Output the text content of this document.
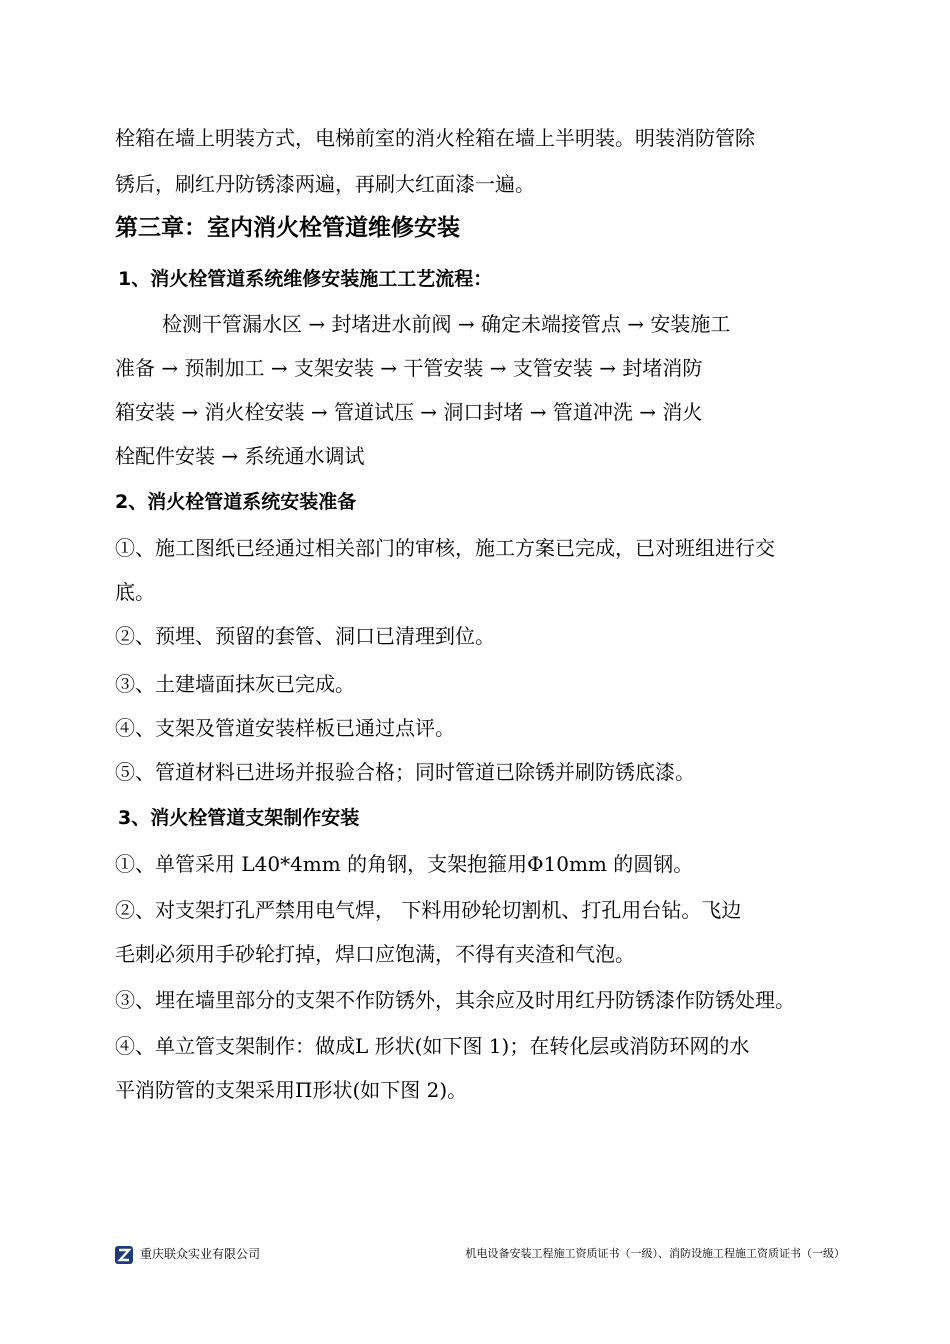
栓箱在墙上明装方式，电梯前室的消火栓箱在墙上半明装。明装消防管除
锈后，刷红丹防锈漆两遍，再刷大红面漆一遍。
第三章：室内消火栓管道维修安装
1、消火栓管道系统维修安装施工工艺流程：
检测干管漏水区 → 封堵进水前阀 → 确定未端接管点 → 安装施工
准备 → 预制加工 → 支架安装 → 干管安装 → 支管安装 → 封堵消防
箱安装 → 消火栓安装 → 管道试压 → 洞口封堵 → 管道冲洗 → 消火
栓配件安装 → 系统通水调试
2、消火栓管道系统安装准备
①、施工图纸已经通过相关部门的审核，施工方案已完成，已对班组进行交
底。
②、预埋、预留的套管、洞口已清理到位。
③、土建墙面抹灰已完成。
④、支架及管道安装样板已通过点评。
⑤、管道材料已进场并报验合格；同时管道已除锈并刷防锈底漆。
3、消火栓管道支架制作安装
①、单管采用 L40*4mm 的角钢，支架抱箍用Φ10mm 的圆钢。
②、对支架打孔严禁用电气焊， 下料用砂轮切割机、打孔用台钻。飞边
毛刺必须用手砂轮打掉，焊口应饱满，不得有夹渣和气泡。
③、埋在墙里部分的支架不作防锈外，其余应及时用红丹防锈漆作防锈处理。
④、单立管支架制作：做成L 形状(如下图 1)；在转化层或消防环网的水
平消防管的支架采用Π形状(如下图 2)。
重庆联众实业有限公司	机电设备安装工程施工资质证书（一级）、消防设施工程施工资质证书（一级）
